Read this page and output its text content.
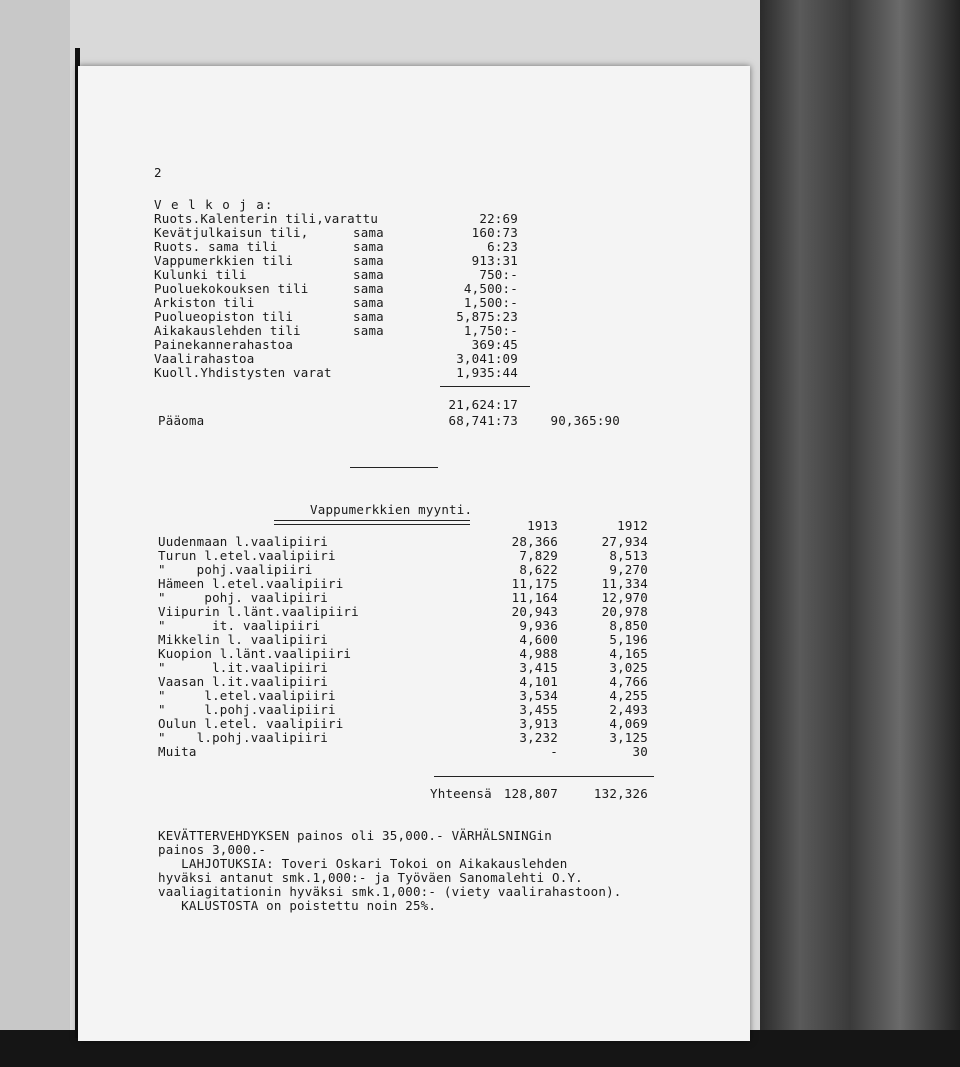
2
V e l k o j a:
Ruots.Kalenterin tili,varattu	22:69
Kevätjulkaisun tili,	sama	160:73
Ruots. sama tili	sama	6:23
Vappumerkkien tili	sama	913:31
Kulunki tili	sama	750:-
Puoluekokouksen tili	sama	4,500:-
Arkiston tili	sama	1,500:-
Puolueopiston tili	sama	5,875:23
Aikakauslehden tili	sama	1,750:-
Painekannerahastoa	369:45
Vaalirahastoa	3,041:09
Kuoll.Yhdistysten varat	1,935:44
21,624:17
Pääoma	68,741:73	90,365:90
Vappumerkkien myynti.
1913	1912
Uudenmaan l.vaalipiiri	28,366	27,934
Turun l.etel.vaalipiiri	7,829	8,513
"    pohj.vaalipiiri	8,622	9,270
Hämeen l.etel.vaalipiiri	11,175	11,334
"     pohj. vaalipiiri	11,164	12,970
Viipurin l.länt.vaalipiiri	20,943	20,978
"      it. vaalipiiri	9,936	8,850
Mikkelin l. vaalipiiri	4,600	5,196
Kuopion l.länt.vaalipiiri	4,988	4,165
"      l.it.vaalipiiri	3,415	3,025
Vaasan l.it.vaalipiiri	4,101	4,766
"     l.etel.vaalipiiri	3,534	4,255
"     l.pohj.vaalipiiri	3,455	2,493
Oulun l.etel. vaalipiiri	3,913	4,069
"    l.pohj.vaalipiiri	3,232	3,125
Muita	-	30
Yhteensä 128,807	132,326
KEVÄTTERVEHDYKSEN painos oli 35,000.- VÄRHÄLSNINGin
painos 3,000.-
LAHJOTUKSIA: Toveri Oskari Tokoi on Aikakauslehden
hyväksi antanut smk.1,000:- ja Työväen Sanomalehti O.Y.
vaaliagitationin hyväksi smk.1,000:- (viety vaalirahastoon).
KALUSTOSTA on poistettu noin 25%.
